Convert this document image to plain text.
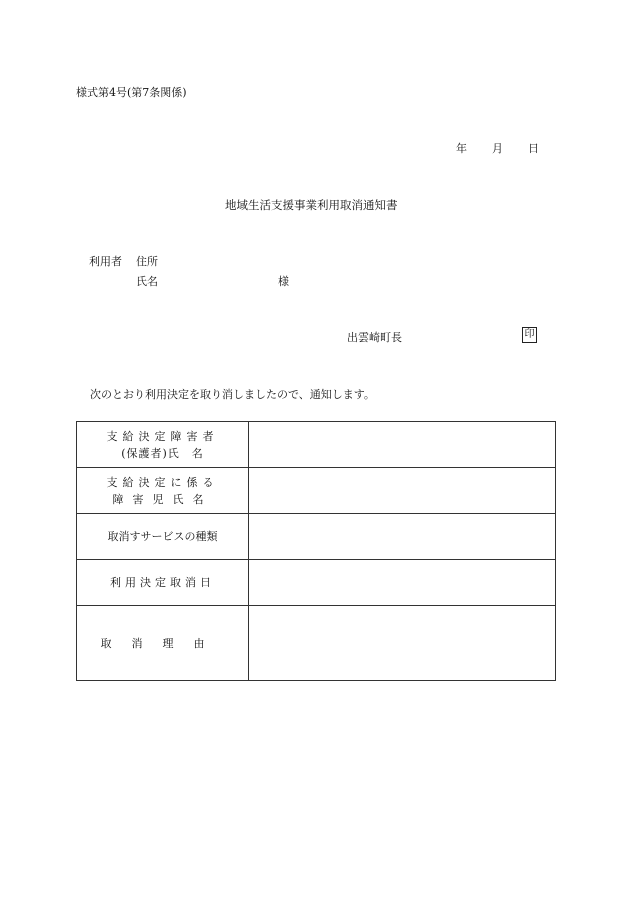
様式第4号(第7条関係)
年 月 日
地域生活支援事業利用取消通知書
利用者 住所
氏名	様
出雲崎町長	印
次のとおり利用決定を取り消しましたので、通知します。
支給決定障害者
(保護者)氏　名	

支給決定に係る
障害児氏名	

取消すサービスの種類	

利用決定取消日	

取消理由	
